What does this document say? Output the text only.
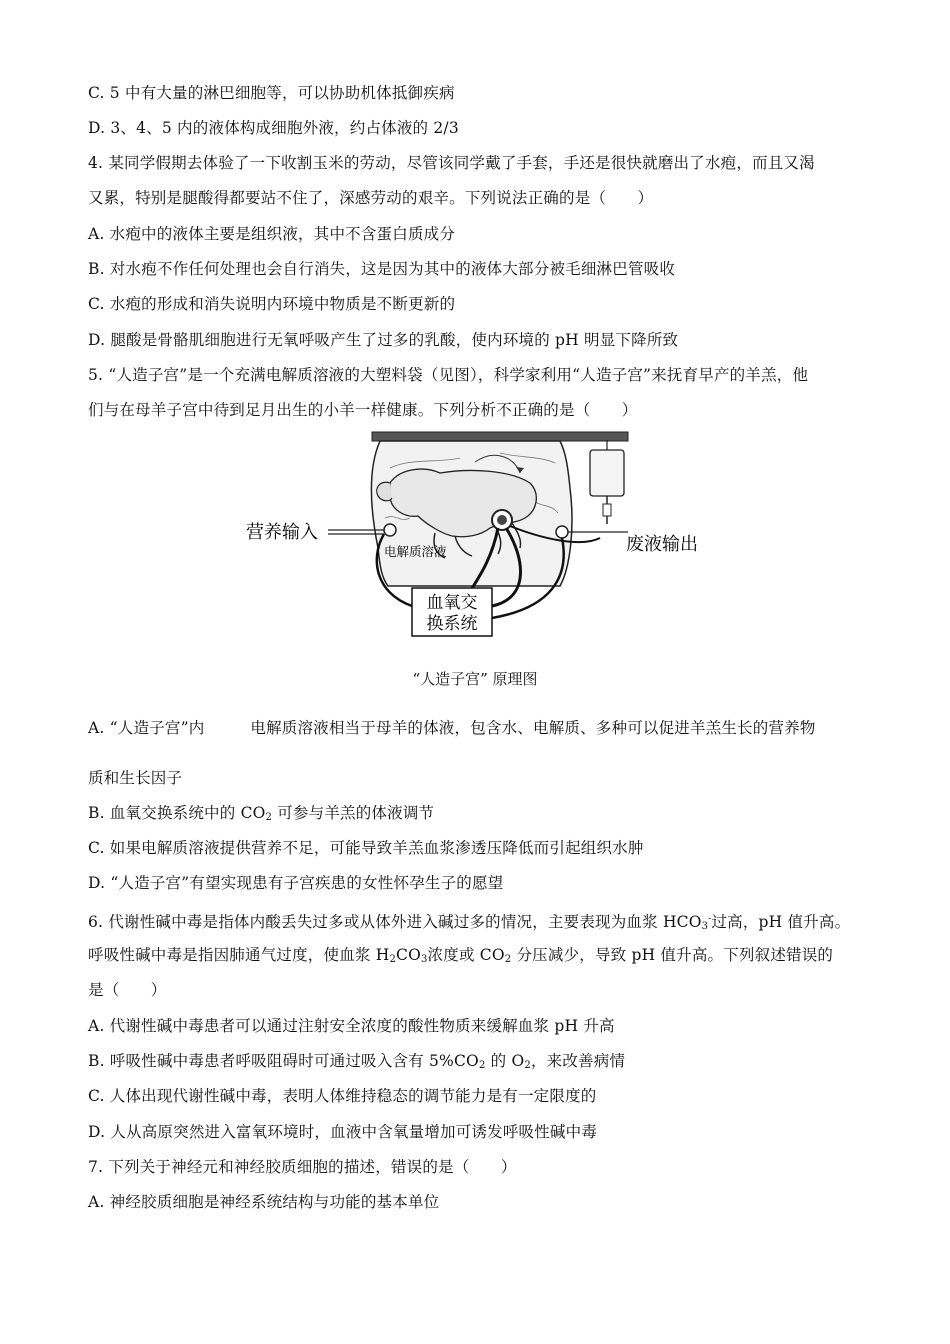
C. 5 中有大量的淋巴细胞等，可以协助机体抵御疾病
D. 3、4、5 内的液体构成细胞外液，约占体液的 2/3
4. 某同学假期去体验了一下收割玉米的劳动，尽管该同学戴了手套，手还是很快就磨出了水疱，而且又渴
又累，特别是腿酸得都要站不住了，深感劳动的艰辛。下列说法正确的是（　　）
A. 水疱中的液体主要是组织液，其中不含蛋白质成分
B. 对水疱不作任何处理也会自行消失，这是因为其中的液体大部分被毛细淋巴管吸收
C. 水疱的形成和消失说明内环境中物质是不断更新的
D. 腿酸是骨骼肌细胞进行无氧呼吸产生了过多的乳酸，使内环境的 pH 明显下降所致
5. “人造子宫”是一个充满电解质溶液的大塑料袋（见图），科学家利用“人造子宫”来抚育早产的羊羔，他
们与在母羊子宫中待到足月出生的小羊一样健康。下列分析不正确的是（　　）
血氧交
换系统
营养输入
废液输出
电解质溶液
“人造子宫” 原理图
A. “人造子宫”内	电解质溶液相当于母羊的体液，包含水、电解质、多种可以促进羊羔生长的营养物
质和生长因子
B. 血氧交换系统中的 $CO_2$ 可参与羊羔的体液调节
C. 如果电解质溶液提供营养不足，可能导致羊羔血浆渗透压降低而引起组织水肿
D. “人造子宫”有望实现患有子宫疾患的女性怀孕生子的愿望
6. 代谢性碱中毒是指体内酸丢失过多或从体外进入碱过多的情况，主要表现为血浆 $HCO_3^-$过高，pH 值升高。
呼吸性碱中毒是指因肺通气过度，使血浆 $H_2CO_3$浓度或 $CO_2$ 分压减少，导致 pH 值升高。下列叙述错误的
是（　　）
A. 代谢性碱中毒患者可以通过注射安全浓度的酸性物质来缓解血浆 pH 升高
B. 呼吸性碱中毒患者呼吸阻碍时可通过吸入含有 $5\%CO_2$ 的 $O_2$，来改善病情
C. 人体出现代谢性碱中毒，表明人体维持稳态的调节能力是有一定限度的
D. 人从高原突然进入富氧环境时，血液中含氧量增加可诱发呼吸性碱中毒
7. 下列关于神经元和神经胶质细胞的描述，错误的是（　　）
A. 神经胶质细胞是神经系统结构与功能的基本单位
